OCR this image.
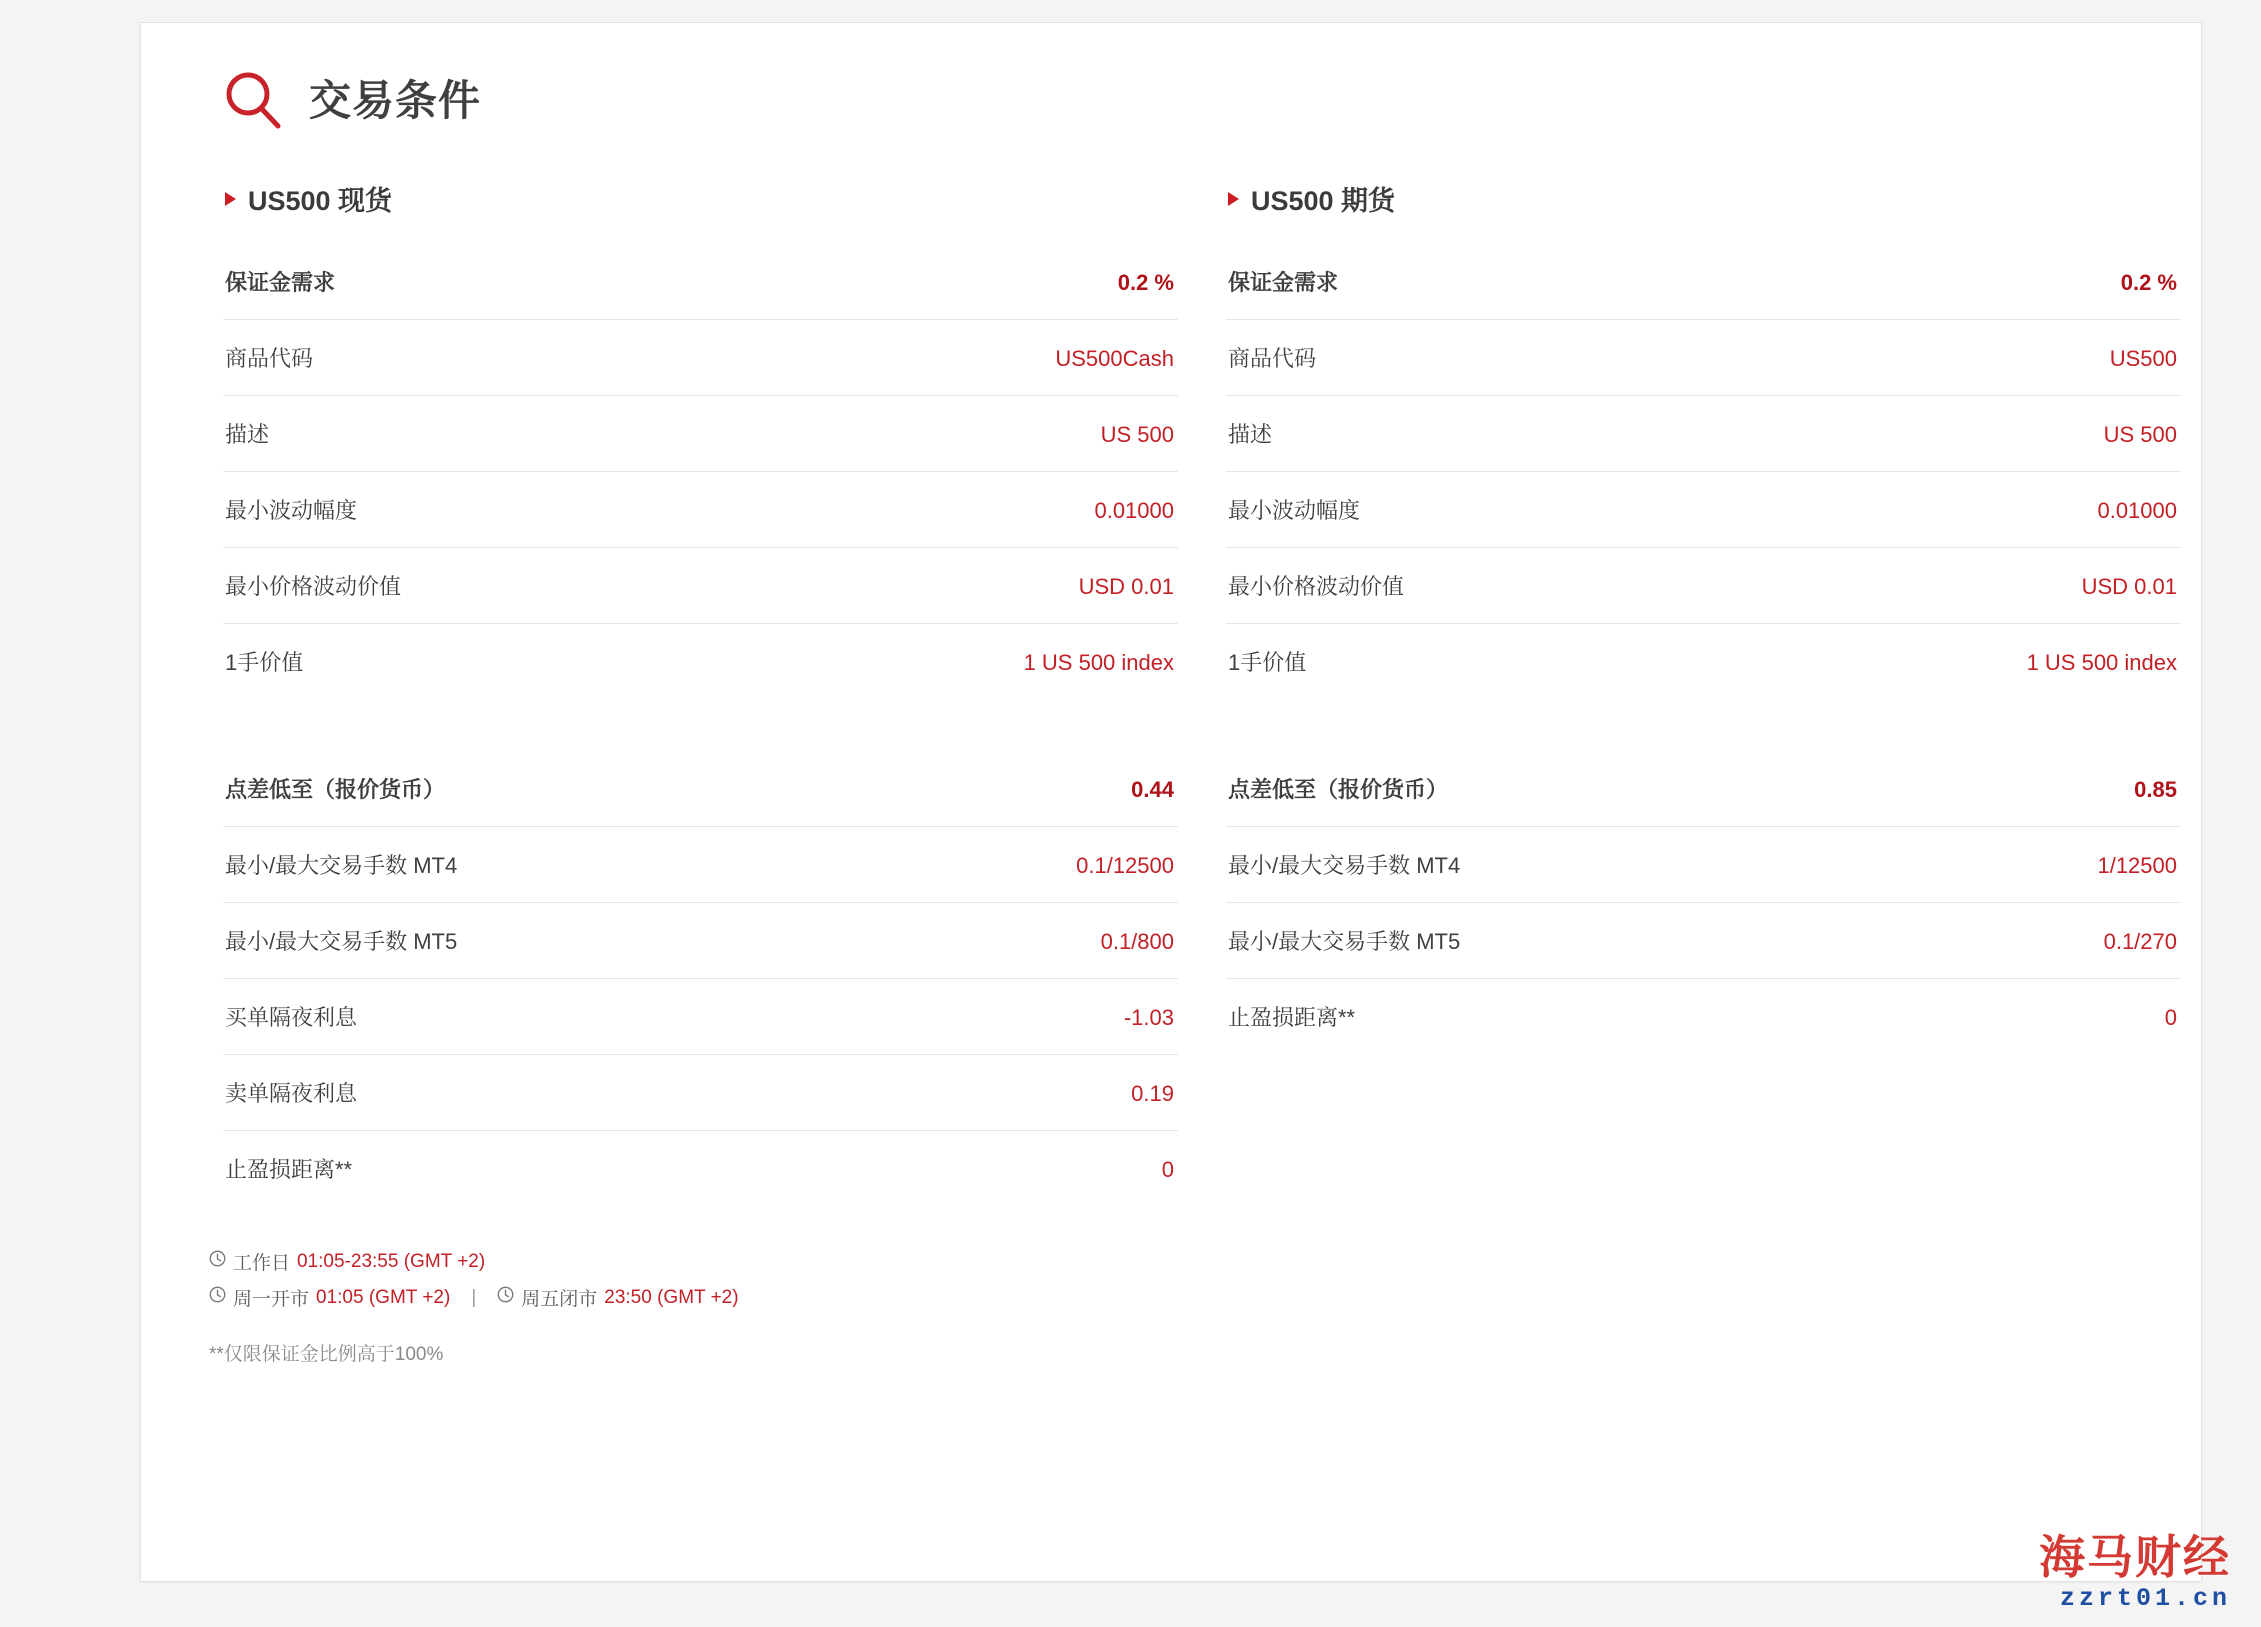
交易条件
US500 现货
保证金需求	0.2 %
商品代码	US500Cash
描述	US 500
最小波动幅度	0.01000
最小价格波动价值	USD 0.01
1手价值	1 US 500 index
点差低至（报价货币）	0.44
最小/最大交易手数 MT4	0.1/12500
最小/最大交易手数 MT5	0.1/800
买单隔夜利息	-1.03
卖单隔夜利息	0.19
止盈损距离**	0
US500 期货
保证金需求	0.2 %
商品代码	US500
描述	US 500
最小波动幅度	0.01000
最小价格波动价值	USD 0.01
1手价值	1 US 500 index
点差低至（报价货币）	0.85
最小/最大交易手数 MT4	1/12500
最小/最大交易手数 MT5	0.1/270
止盈损距离**	0
工作日 01:05-23:55 (GMT +2)
周一开市 01:05 (GMT +2) | 周五闭市 23:50 (GMT +2)
**仅限保证金比例高于100%
海马财经
zzrt01.cn
